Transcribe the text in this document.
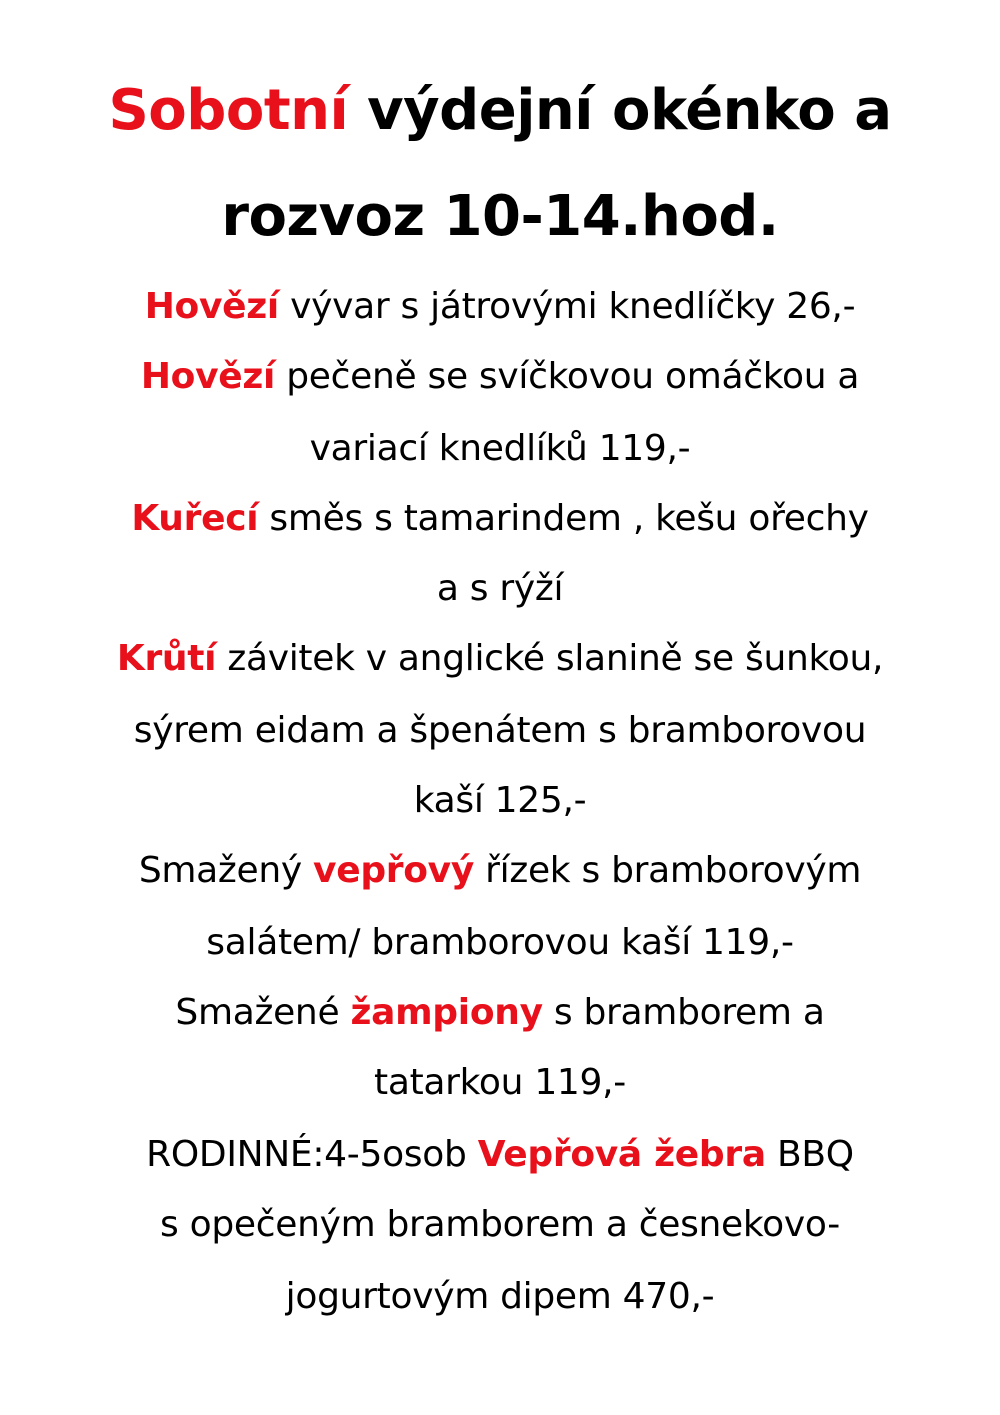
Sobotní výdejní okénko a
rozvoz 10-14.hod.
Hovězí vývar s játrovými knedlíčky 26,-
Hovězí pečeně se svíčkovou omáčkou a
variací knedlíků 119,-
Kuřecí směs s tamarindem , kešu ořechy
a s rýží
Krůtí závitek v anglické slanině se šunkou,
sýrem eidam a špenátem s bramborovou
kaší 125,-
Smažený vepřový řízek s bramborovým
salátem/ bramborovou kaší 119,-
Smažené žampiony s bramborem a
tatarkou 119,-
RODINNÉ:4-5osob Vepřová žebra BBQ
s opečeným bramborem a česnekovo-
jogurtovým dipem 470,-
